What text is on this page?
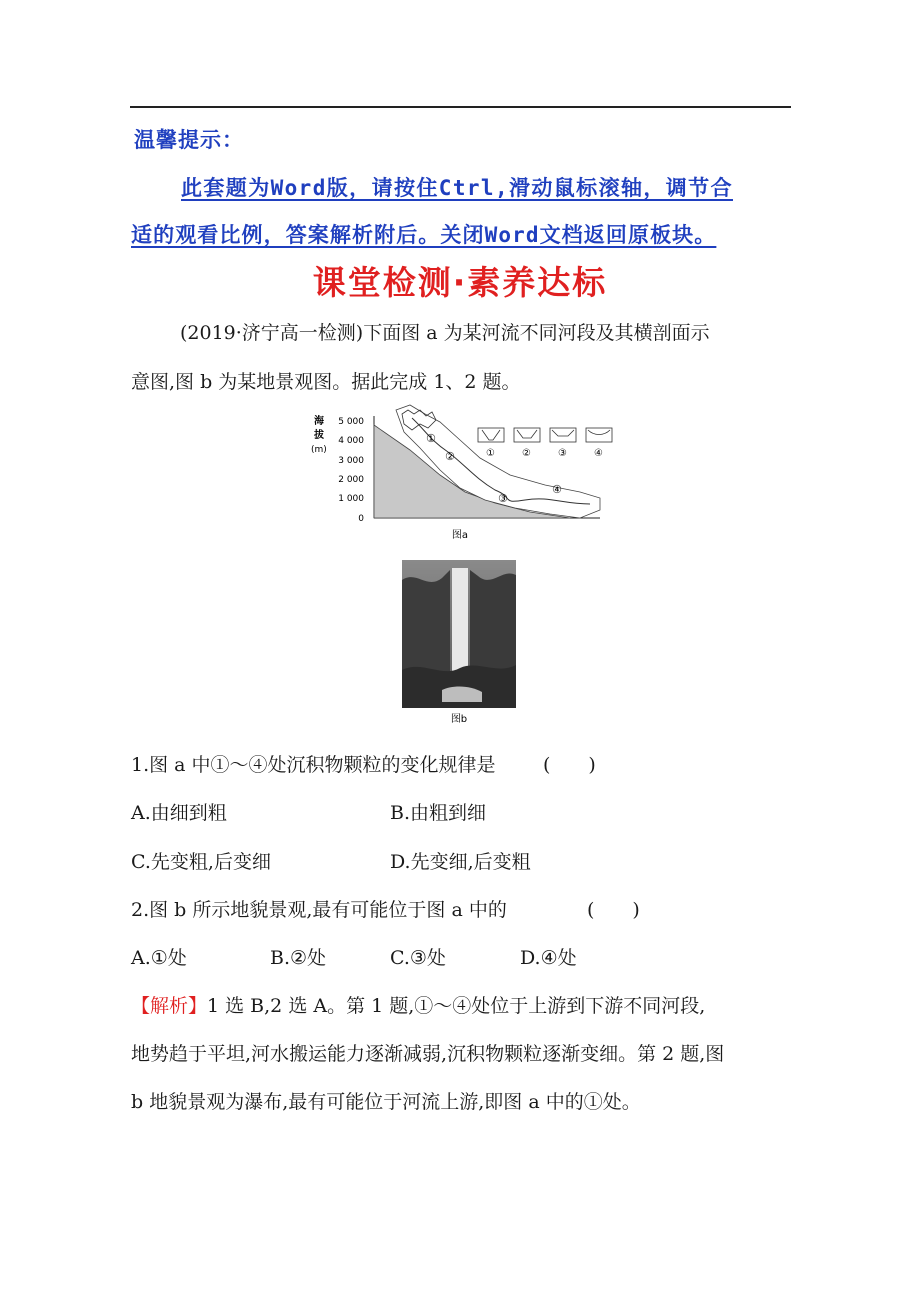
温馨提示：
此套题为Word版，请按住Ctrl,滑动鼠标滚轴，调节合
适的观看比例，答案解析附后。关闭Word文档返回原板块。
课堂检测·素养达标
(2019·济宁高一检测)下面图 a 为某河流不同河段及其横剖面示
意图,图 b 为某地景观图。据此完成 1、2 题。
海
拔
(m)
5 000
4 000
3 000
2 000
1 000
0
①
②
③
④
①	②	③	④
图a
图b
1.图 a 中①～④处沉积物颗粒的变化规律是 (　　)
A.由细到粗	B.由粗到细
C.先变粗,后变细	D.先变细,后变粗
2.图 b 所示地貌景观,最有可能位于图 a 中的	(　　)
A.①处	B.②处	C.③处	D.④处
【解析】1 选 B,2 选 A。第 1 题,①～④处位于上游到下游不同河段,
地势趋于平坦,河水搬运能力逐渐减弱,沉积物颗粒逐渐变细。第 2 题,图
b 地貌景观为瀑布,最有可能位于河流上游,即图 a 中的①处。
